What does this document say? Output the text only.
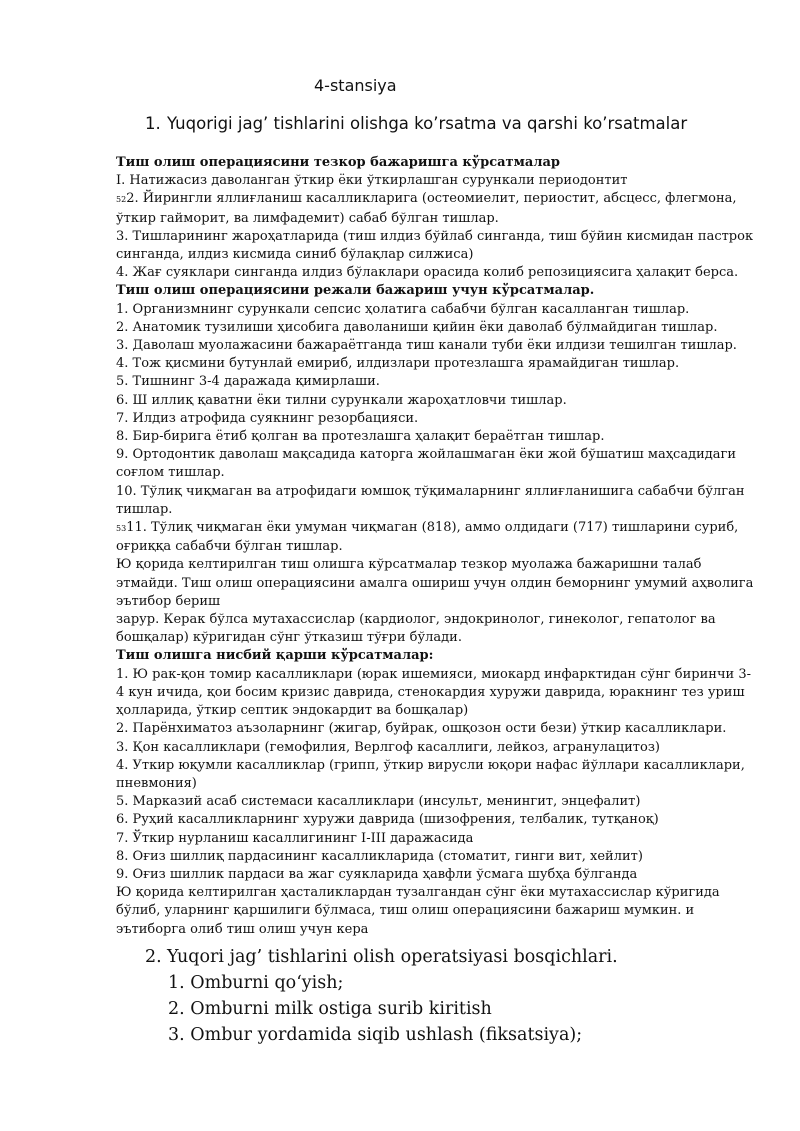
4-stansiya
1. Yuqorigi jag’ tishlarini olishga ko’rsatma va qarshi ko’rsatmalar

Тиш олиш операциясини тезкор бажаришга кўрсатмалар

I. Натижасиз даволанган ўткир ёки ўткирлашган сурункали периодонтит

522. Йирингли яллиғланиш касалликларига (остеомиелит, периостит, абсцесс, флегмона, ўткир гайморит, ва лимфадемит) сабаб бўлган тишлар.

3. Тишларининг жароҳатларида (тиш илдиз бўйлаб синганда, тиш бўйин кисмидан пастрок синганда, илдиз кисмида синиб бўлақлар силжиса)

4. Жағ суяклари синганда илдиз бўлаклари орасида колиб репозициясига ҳалақит берса.

Тиш олиш операциясини режали бажариш учун кўрсатмалар.

1. Организмнинг сурункали сепсис ҳолатига сабабчи бўлган касалланган тишлар.

2. Анатомик тузилиши ҳисобига даволаниши қийин ёки даволаб бўлмайдиган тишлар.

3. Даволаш муолажасини бажараётганда тиш канали туби ёки илдизи тешилган тишлар.

4. Тож қисмини бутунлай емириб, илдизлари протезлашга ярамайдиган тишлар.

5. Тишнинг 3-4 даражада қимирлаши.

6. Ш иллиқ қаватни ёки тилни сурункали жароҳатловчи тишлар.

7. Илдиз атрофида суякнинг резорбацияси.

8. Бир-бирига ётиб қолган ва протезлашга ҳалақит бераётган тишлар.

9. Ортодонтик даволаш мақсадида каторга жойлашмаган ёки жой бўшатиш маҳсадидаги соғлом тишлар.

10. Тўлиқ чиқмаган ва атрофидаги юмшоқ тўқималарнинг яллиғланишига сабабчи бўлган тишлар.

5311. Тўлиқ чиқмаган ёки умуман чиқмаган (818), аммо олдидаги (717) тишларини суриб, оғриққа сабабчи бўлган тишлар.

Ю қорида келтирилган тиш олишга кўрсатмалар тезкор муолажа бажаришни талаб этмайди. Тиш олиш операциясини амалга ошириш учун олдин беморнинг умумий аҳволига эътибор бериш

зарур. Керак бўлса мутахассислар (кардиолог, эндокринолог, гинеколог, гепатолог ва бошқалар) кўригидан сўнг ўтказиш тўғри бўлади.

Тиш олишга нисбий қарши кўрсатмалар:

1. Ю рак-қон томир касалликлари (юрак ишемияси, миокард инфарктидан сўнг биринчи 3-4 кун ичида, қои босим кризис даврида, стенокардия хуружи даврида, юракнинг тез уриш ҳолларида, ўткир септик эндокардит ва бошқалар)

2. Парёнхиматоз аъзоларнинг (жигар, буйрак, ошқозон ости бези) ўткир касалликлари.

3. Қон касалликлари (гемофилия, Верлгоф касаллиги, лейкоз, агранулацитоз)

4. Уткир юқумли касалликлар (грипп, ўткир вирусли юқори нафас йўллари касалликлари, пневмония)

5. Марказий асаб системаси касалликлари (инсульт, менингит, энцефалит)

6. Руҳий касалликларнинг хуружи даврида (шизофрения, телбалик, тутқаноқ)

7. Ўткир нурланиш касаллигининг I-III даражасида

8. Оғиз шиллиқ пардасининг касалликларида (стоматит, гинги вит, хейлит)

9. Оғиз шиллик пардаси ва жаг суякларида ҳавфли ўсмага шубҳа бўлганда

Ю қорида келтирилган ҳасталиклардан тузалгандан сўнг ёки мутахассислар кўригида бўлиб, уларнинг қаршилиги бўлмаса, тиш олиш операциясини бажариш мумкин. и эътиборга олиб тиш олиш учун кера

2. Yuqori jag’ tishlarini olish operatsiyasi bosqichlari.
1. Omburni qo‘yish;
2. Omburni milk ostiga surib kiritish
3. Ombur yordamida siqib ushlash (fiksatsiya);
